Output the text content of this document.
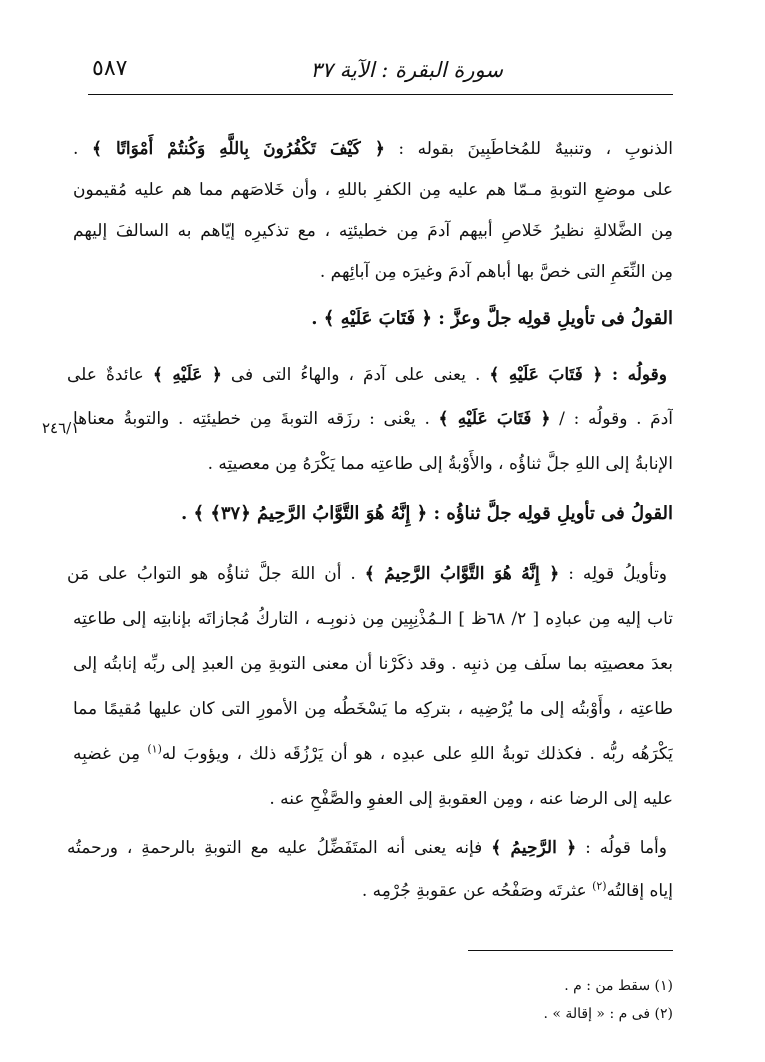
سورة البقرة : الآية ٣٧
٥٨٧
الذنوبِ ، وتنبيهٌ للمُخاطَبِينَ بقوله : ﴿ كَيْفَ تَكْفُرُونَ بِاللَّهِ وَكُنتُمْ أَمْوَاتًا ﴾ .
على موضعِ التوبةِ مـمّا هم عليه مِن الكفرِ باللهِ ، وأن خَلاصَهم مما هم عليه مُقيمون
مِن الضَّلالةِ نظيرُ خَلاصِ أبيهم آدمَ مِن خطيئتِه ، مع تذكيرِه إيّاهم به السالفَ إليهم
مِن النِّعَمِ التى خصَّ بها أباهم آدمَ وغيرَه مِن آبائِهم .
القولُ فى تأويلِ قولِه جلَّ وعزَّ : ﴿ فَتَابَ عَلَيْهِ ﴾ .
وقولُه : ﴿ فَتَابَ عَلَيْهِ ﴾ . يعنى على آدمَ ، والهاءُ التى فى ﴿ عَلَيْهِ ﴾ عائدةٌ على
آدمَ . وقولُه : / ﴿ فَتَابَ عَلَيْهِ ﴾ . يعْنى : رزَقه التوبةَ مِن خطيئتِه . والتوبةُ معناها
الإنابةُ إلى اللهِ جلَّ ثناؤُه ، والأَوْبةُ إلى طاعتِه مما يَكْرَهُ مِن معصيتِه .
٢٤٦/١
القولُ فى تأويلِ قولِه جلَّ ثناؤُه : ﴿ إِنَّهُ هُوَ التَّوَّابُ الرَّحِيمُ ﴿٣٧﴾ ﴾ .
وتأويلُ قولِه : ﴿ إِنَّهُ هُوَ التَّوَّابُ الرَّحِيمُ ﴾ . أن اللهَ جلَّ ثناؤُه هو التوابُ على مَن
تاب إليه مِن عبادِه [ ٢/ ٦٨ظ ] الـمُذْنِبِين مِن ذنوبِـه ، التاركُ مُجازاتَه بإنابتِه إلى طاعتِه
بعدَ معصيتِه بما سلَف مِن ذنبِه . وقد ذكَرْنا أن معنى التوبةِ مِن العبدِ إلى ربِّه إنابتُه إلى
طاعتِه ، وأَوْبتُه إلى ما يُرْضِيه ، بتركِه ما يَسْخَطُه مِن الأمورِ التى كان عليها مُقيمًا مما
يَكْرَهُه ربُّه . فكذلك توبةُ اللهِ على عبدِه ، هو أن يَرْزُقَه ذلك ، ويؤوبَ له$^{(١)}$ مِن غضبِه
عليه إلى الرضا عنه ، ومِن العقوبةِ إلى العفوِ والصَّفْحِ عنه .
وأما قولُه : ﴿ الرَّحِيمُ ﴾ فإنه يعنى أنه المتَفَضِّلُ عليه مع التوبةِ بالرحمةِ ، ورحمتُه
إياه إقالتُه$^{(٢)}$ عثرتَه وصَفْحُه عن عقوبةِ جُرْمِه .
(١) سقط من : م .
(٢) فى م : « إقالة » .
